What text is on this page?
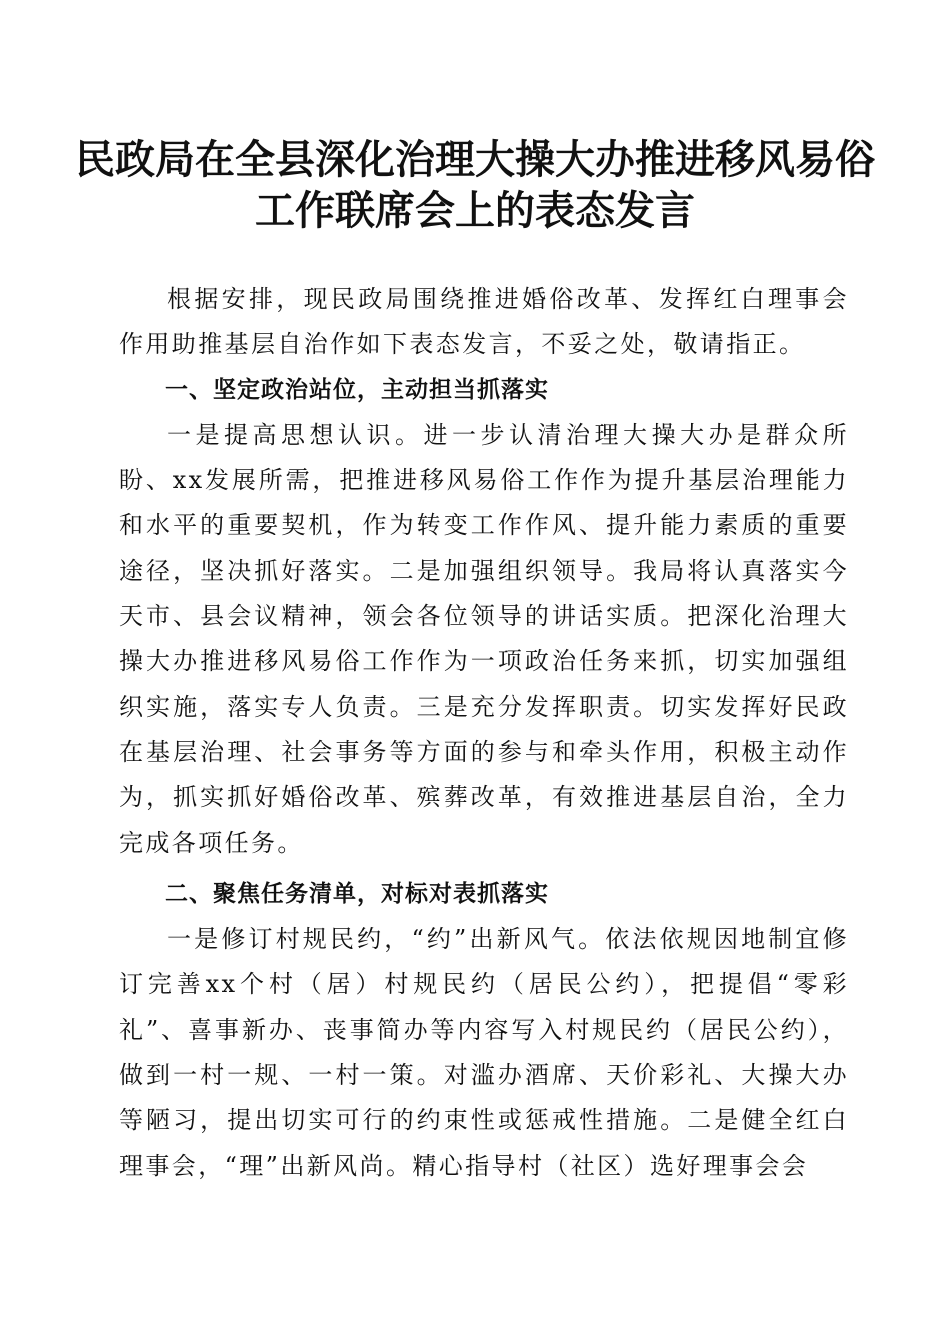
民政局在全县深化治理大操大办推进移风易俗
工作联席会上的表态发言

根据安排，现民政局围绕推进婚俗改革、发挥红白理事会作用助推基层自治作如下表态发言，不妥之处，敬请指正。

一、坚定政治站位，主动担当抓落实

一是提高思想认识。进一步认清治理大操大办是群众所盼、xx发展所需，把推进移风易俗工作作为提升基层治理能力和水平的重要契机，作为转变工作作风、提升能力素质的重要途径，坚决抓好落实。二是加强组织领导。我局将认真落实今天市、县会议精神，领会各位领导的讲话实质。把深化治理大操大办推进移风易俗工作作为一项政治任务来抓，切实加强组织实施，落实专人负责。三是充分发挥职责。切实发挥好民政在基层治理、社会事务等方面的参与和牵头作用，积极主动作为，抓实抓好婚俗改革、殡葬改革，有效推进基层自治，全力完成各项任务。

二、聚焦任务清单，对标对表抓落实

一是修订村规民约，“约”出新风气。依法依规因地制宜修订完善xx个村（居）村规民约（居民公约），把提倡“零彩礼”、喜事新办、丧事简办等内容写入村规民约（居民公约），做到一村一规、一村一策。对滥办酒席、天价彩礼、大操大办等陋习，提出切实可行的约束性或惩戒性措施。二是健全红白理事会，“理”出新风尚。精心指导村（社区）选好理事会会
